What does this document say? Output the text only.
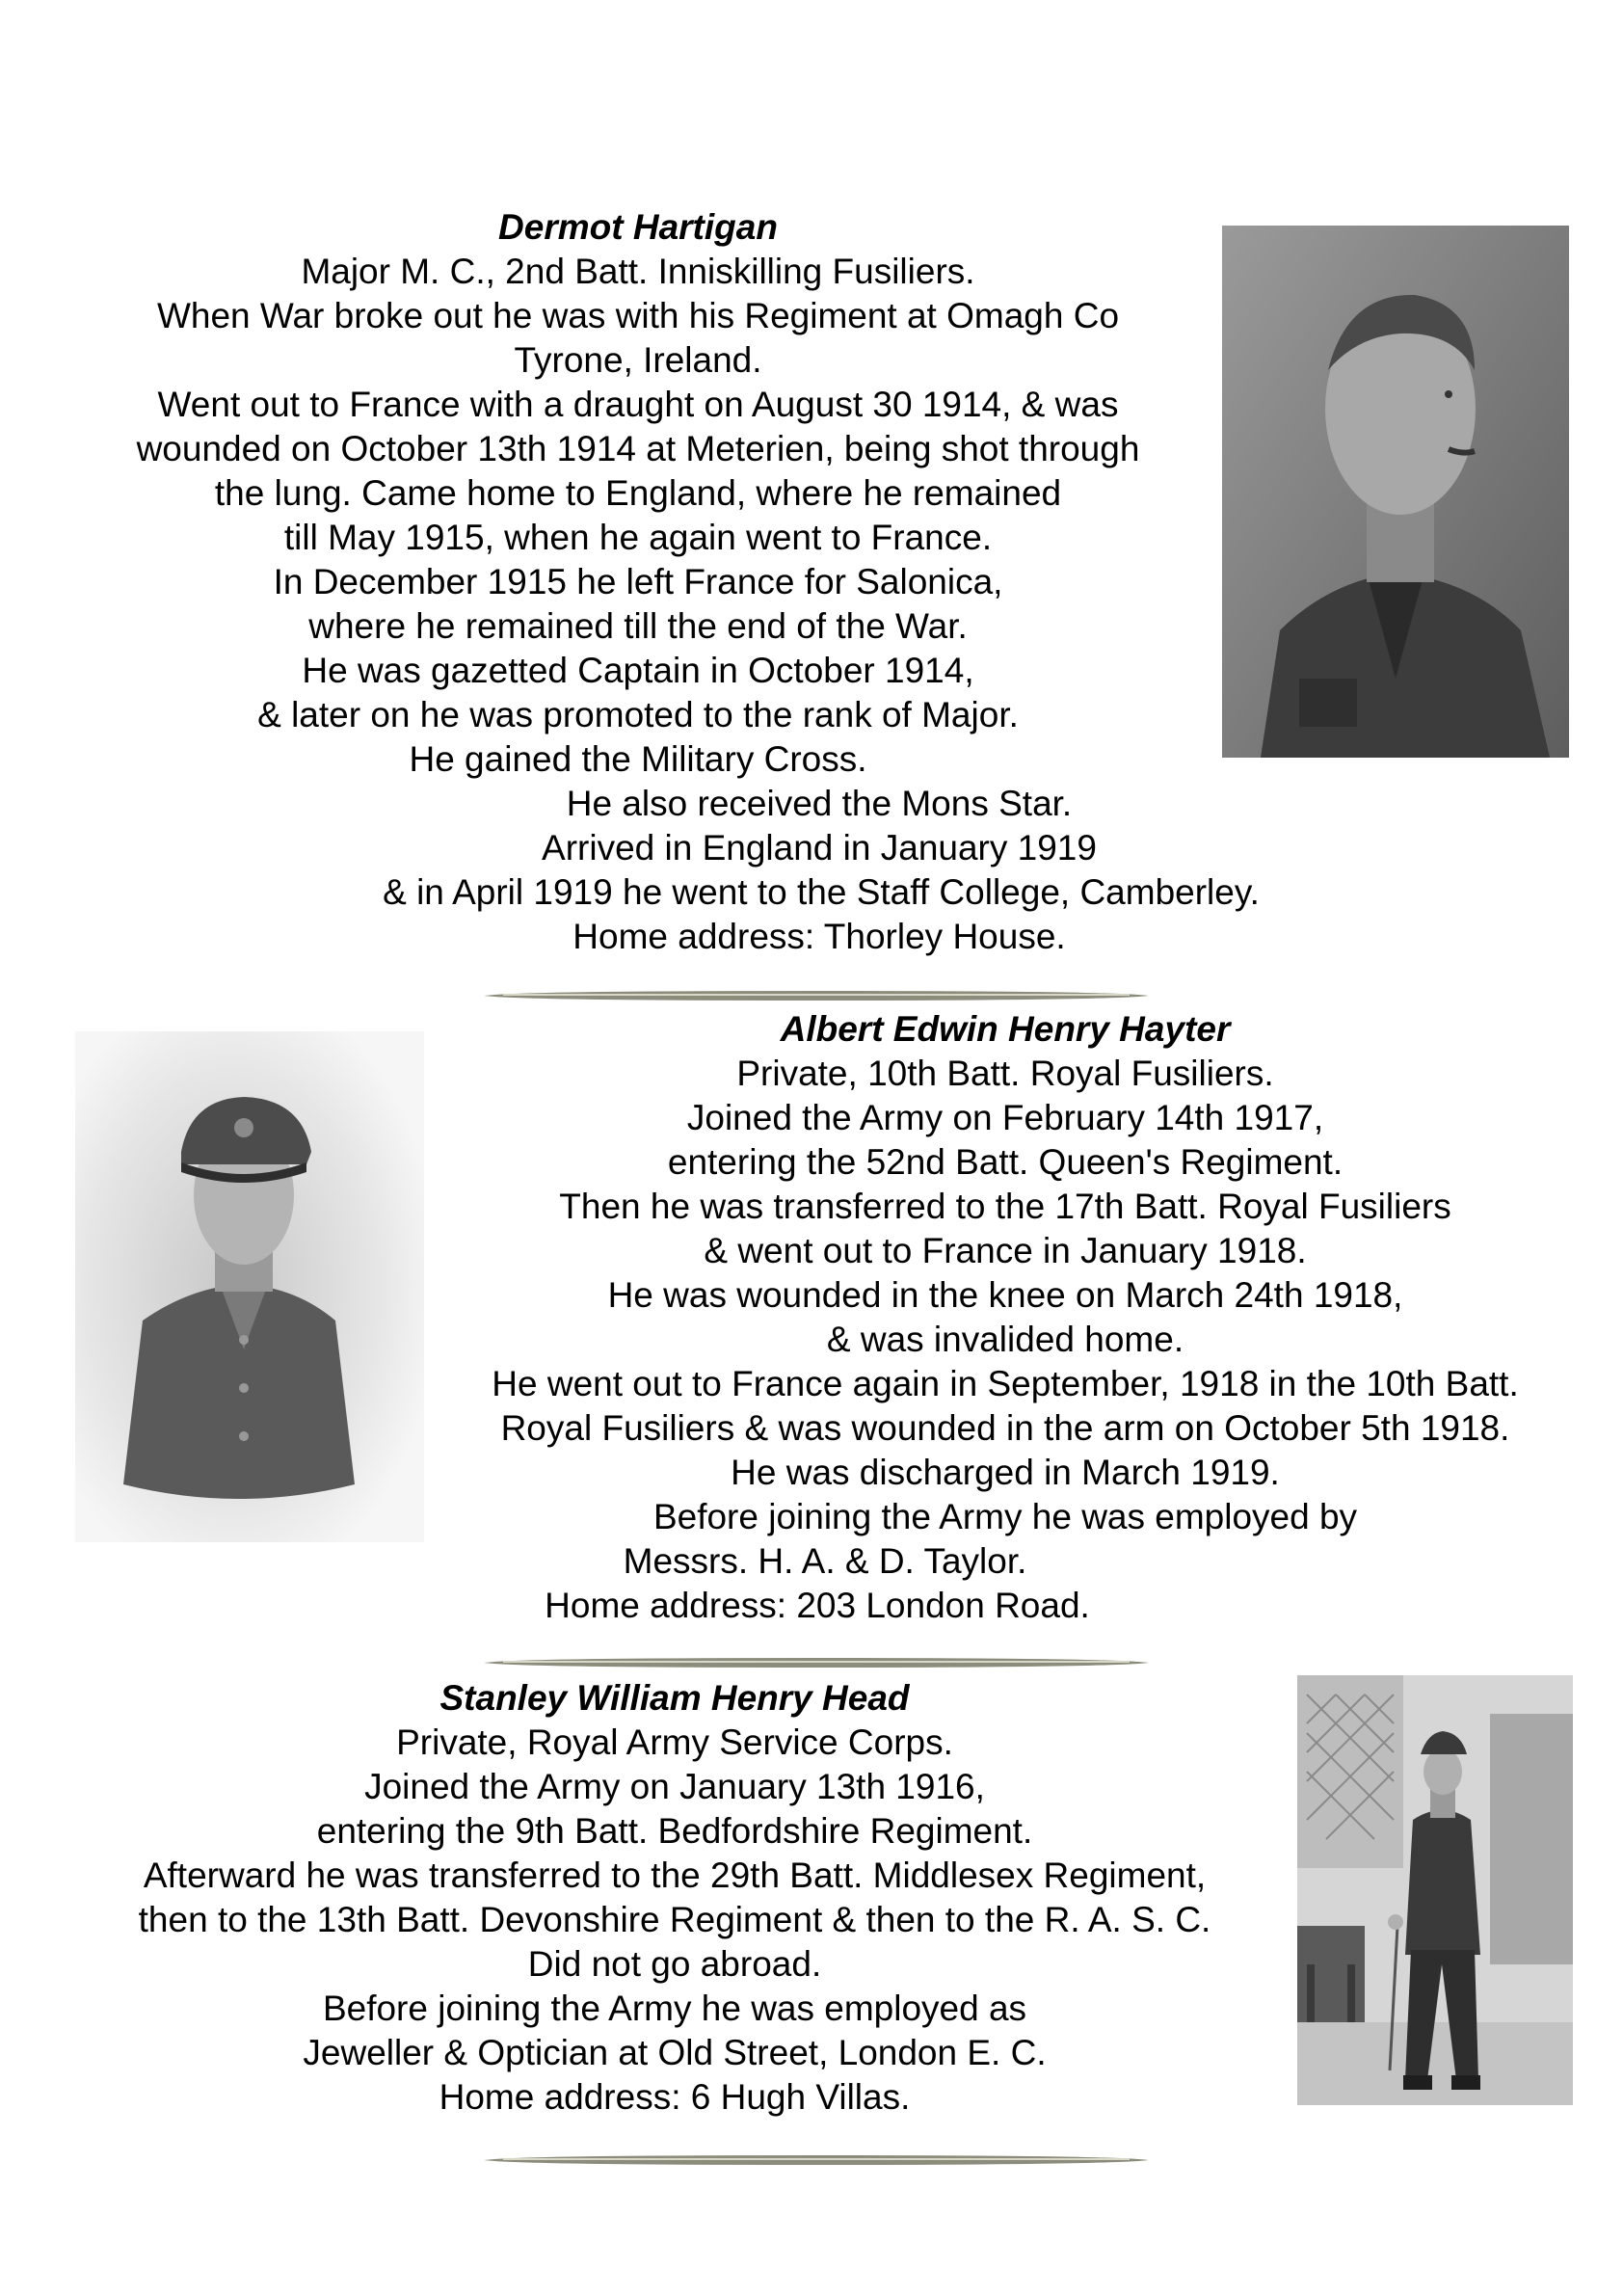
Dermot Hartigan
Major M. C., 2nd Batt. Inniskilling Fusiliers.
When War broke out he was with his Regiment at Omagh Co
Tyrone, Ireland.
Went out to France with a draught on August 30 1914, & was
wounded on October 13th 1914 at Meterien, being shot through
the lung. Came home to England, where he remained
till May 1915, when he again went to France.
In December 1915 he left France for Salonica,
where he remained till the end of the War.
He was gazetted Captain in October 1914,
& later on he was promoted to the rank of Major.
He gained the Military Cross.
He also received the Mons Star.
Arrived in England in January 1919
& in April 1919 he went to the Staff College, Camberley.
Home address: Thorley House.
Albert Edwin Henry Hayter
Private, 10th Batt. Royal Fusiliers.
Joined the Army on February 14th 1917,
entering the 52nd Batt. Queen's Regiment.
Then he was transferred to the 17th Batt. Royal Fusiliers
& went out to France in January 1918.
He was wounded in the knee on March 24th 1918,
& was invalided home.
He went out to France again in September, 1918 in the 10th Batt.
Royal Fusiliers & was wounded in the arm on October 5th 1918.
He was discharged in March 1919.
Before joining the Army he was employed by
Messrs. H. A. & D. Taylor.
Home address: 203 London Road.
Stanley William Henry Head
Private, Royal Army Service Corps.
Joined the Army on January 13th 1916,
entering the 9th Batt. Bedfordshire Regiment.
Afterward he was transferred to the 29th Batt. Middlesex Regiment,
then to the 13th Batt. Devonshire Regiment & then to the R. A. S. C.
Did not go abroad.
Before joining the Army he was employed as
Jeweller & Optician at Old Street, London E. C.
Home address: 6 Hugh Villas.
